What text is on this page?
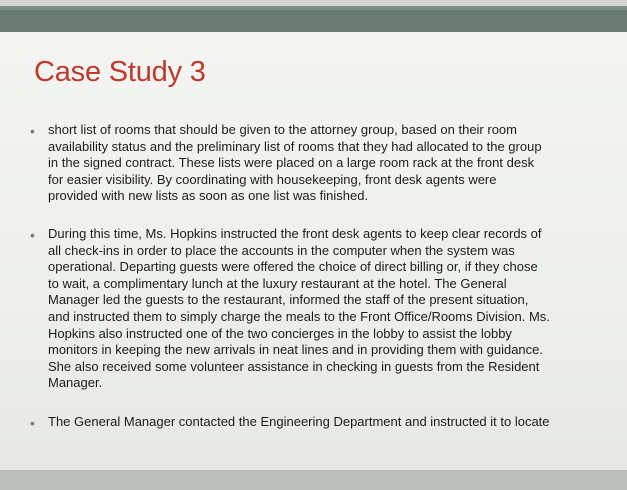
Case Study 3
• short list of rooms that should be given to the attorney group, based on their room
availability status and the preliminary list of rooms that they had allocated to the group
in the signed contract. These lists were placed on a large room rack at the front desk
for easier visibility. By coordinating with housekeeping, front desk agents were
provided with new lists as soon as one list was finished.
• During this time, Ms. Hopkins instructed the front desk agents to keep clear records of
all check-ins in order to place the accounts in the computer when the system was
operational. Departing guests were offered the choice of direct billing or, if they chose
to wait, a complimentary lunch at the luxury restaurant at the hotel. The General
Manager led the guests to the restaurant, informed the staff of the present situation,
and instructed them to simply charge the meals to the Front Office/Rooms Division. Ms.
Hopkins also instructed one of the two concierges in the lobby to assist the lobby
monitors in keeping the new arrivals in neat lines and in providing them with guidance.
She also received some volunteer assistance in checking in guests from the Resident
Manager.
• The General Manager contacted the Engineering Department and instructed it to locate
